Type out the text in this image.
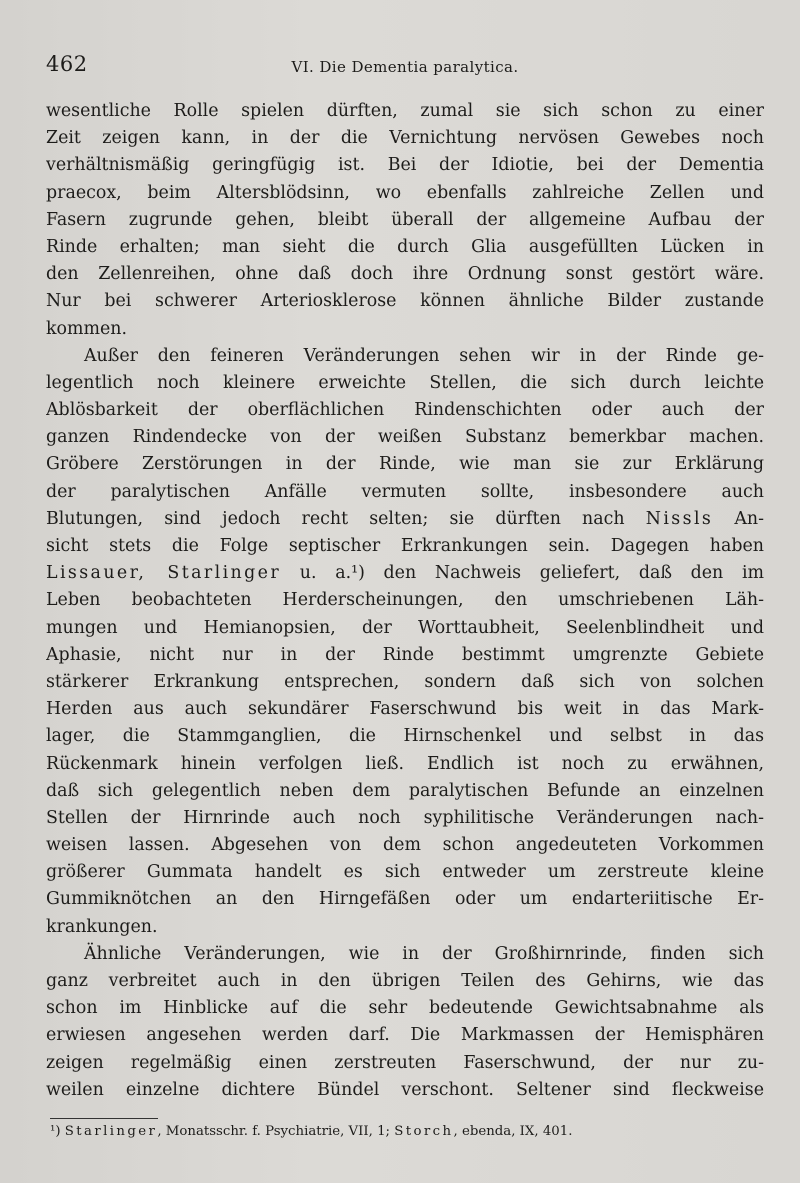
462	VI. Die Dementia paralytica.
wesentliche Rolle spielen dürften, zumal sie sich schon zu einer
Zeit zeigen kann, in der die Vernichtung nervösen Gewebes noch
verhältnismäßig geringfügig ist. Bei der Idiotie, bei der Dementia
praecox, beim Altersblödsinn, wo ebenfalls zahlreiche Zellen und
Fasern zugrunde gehen, bleibt überall der allgemeine Aufbau der
Rinde erhalten; man sieht die durch Glia ausgefüllten Lücken in
den Zellenreihen, ohne daß doch ihre Ordnung sonst gestört wäre.
Nur bei schwerer Arteriosklerose können ähnliche Bilder zustande
kommen.
Außer den feineren Veränderungen sehen wir in der Rinde ge-
legentlich noch kleinere erweichte Stellen, die sich durch leichte
Ablösbarkeit der oberflächlichen Rindenschichten oder auch der
ganzen Rindendecke von der weißen Substanz bemerkbar machen.
Gröbere Zerstörungen in der Rinde, wie man sie zur Erklärung
der paralytischen Anfälle vermuten sollte, insbesondere auch
Blutungen, sind jedoch recht selten; sie dürften nach Nissls An-
sicht stets die Folge septischer Erkrankungen sein. Dagegen haben
Lissauer, Starlinger u. a.¹) den Nachweis geliefert, daß den im
Leben beobachteten Herderscheinungen, den umschriebenen Läh-
mungen und Hemianopsien, der Worttaubheit, Seelenblindheit und
Aphasie, nicht nur in der Rinde bestimmt umgrenzte Gebiete
stärkerer Erkrankung entsprechen, sondern daß sich von solchen
Herden aus auch sekundärer Faserschwund bis weit in das Mark-
lager, die Stammganglien, die Hirnschenkel und selbst in das
Rückenmark hinein verfolgen ließ. Endlich ist noch zu erwähnen,
daß sich gelegentlich neben dem paralytischen Befunde an einzelnen
Stellen der Hirnrinde auch noch syphilitische Veränderungen nach-
weisen lassen. Abgesehen von dem schon angedeuteten Vorkommen
größerer Gummata handelt es sich entweder um zerstreute kleine
Gummiknötchen an den Hirngefäßen oder um endarteriitische Er-
krankungen.
Ähnliche Veränderungen, wie in der Großhirnrinde, finden sich
ganz verbreitet auch in den übrigen Teilen des Gehirns, wie das
schon im Hinblicke auf die sehr bedeutende Gewichtsabnahme als
erwiesen angesehen werden darf. Die Markmassen der Hemisphären
zeigen regelmäßig einen zerstreuten Faserschwund, der nur zu-
weilen einzelne dichtere Bündel verschont. Seltener sind fleckweise
¹) Starlinger, Monatsschr. f. Psychiatrie, VII, 1; Storch, ebenda, IX, 401.
